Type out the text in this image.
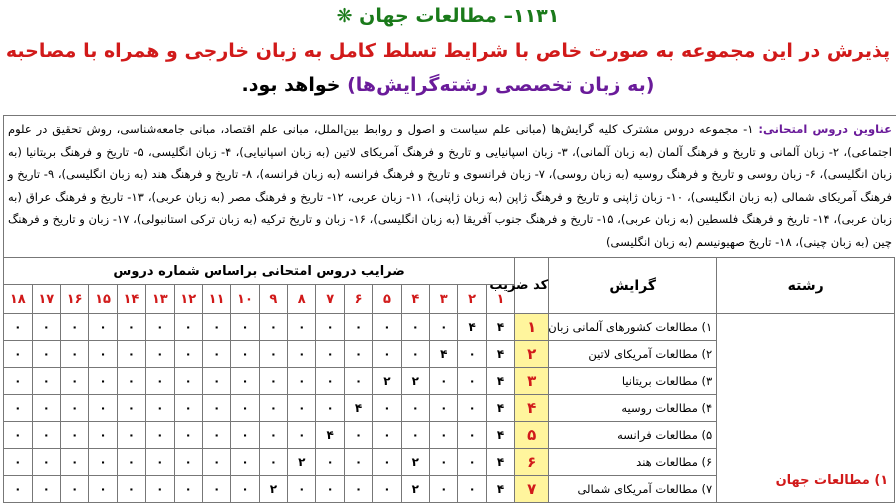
۱۱۳۱– مطالعات جهان ❋
پذیرش در این مجموعه به صورت خاص با شرایط تسلط کامل به زبان خارجی و همراه با مصاحبه (به زبان تخصصی رشته‌گرایش‌ها) خواهد بود.
عناوین دروس امتحانی: ۱- مجموعه دروس مشترک کلیه گرایش‌ها (مبانی علم سیاست و اصول و روابط بین‌الملل، مبانی علم اقتصاد، مبانی جامعه‌شناسی، روش تحقیق در علوم اجتماعی)، ۲- زبان آلمانی و تاریخ و فرهنگ آلمان (به زبان آلمانی)، ۳- زبان اسپانیایی و تاریخ و فرهنگ آمریکای لاتین (به زبان اسپانیایی)، ۴- زبان انگلیسی، ۵- تاریخ و فرهنگ بریتانیا (به زبان انگلیسی)، ۶- زبان روسی و تاریخ و فرهنگ روسیه (به زبان روسی)، ۷- زبان فرانسوی و تاریخ و فرهنگ فرانسه (به زبان فرانسه)، ۸- تاریخ و فرهنگ هند (به زبان انگلیسی)، ۹- تاریخ و فرهنگ آمریکای شمالی (به زبان انگلیسی)، ۱۰- زبان ژاپنی و تاریخ و فرهنگ ژاپن (به زبان ژاپنی)، ۱۱- زبان عربی، ۱۲- تاریخ و فرهنگ مصر (به زبان عربی)، ۱۳- تاریخ و فرهنگ عراق (به زبان عربی)، ۱۴- تاریخ و فرهنگ فلسطین (به زبان عربی)، ۱۵- تاریخ و فرهنگ جنوب آفریقا (به زبان انگلیسی)، ۱۶- زبان و تاریخ ترکیه (به زبان ترکی استانبولی)، ۱۷- زبان و تاریخ و فرهنگ چین (به زبان چینی)، ۱۸- تاریخ صهیونیسم (به زبان انگلیسی)
رشته	گرایش	کد ضریب	ضرایب دروس امتحانی براساس شماره دروس																	
			۱	۲	۳	۴	۵	۶	۷	۸	۹	۱۰	۱۱	۱۲	۱۳	۱۴	۱۵	۱۶	۱۷	۱۸
۱) مطالعات جهان	۱) مطالعات کشورهای آلمانی زبان	۱	۴	۴	۰	۰	۰	۰	۰	۰	۰	۰	۰	۰	۰	۰	۰	۰	۰	۰
	۲) مطالعات آمریکای لاتین	۲	۴	۰	۴	۰	۰	۰	۰	۰	۰	۰	۰	۰	۰	۰	۰	۰	۰	۰
	۳) مطالعات بریتانیا	۳	۴	۰	۰	۲	۲	۰	۰	۰	۰	۰	۰	۰	۰	۰	۰	۰	۰	۰
	۴) مطالعات روسیه	۴	۴	۰	۰	۰	۰	۴	۰	۰	۰	۰	۰	۰	۰	۰	۰	۰	۰	۰
	۵) مطالعات فرانسه	۵	۴	۰	۰	۰	۰	۰	۴	۰	۰	۰	۰	۰	۰	۰	۰	۰	۰	۰
	۶) مطالعات هند	۶	۴	۰	۰	۲	۰	۰	۰	۲	۰	۰	۰	۰	۰	۰	۰	۰	۰	۰
	۷) مطالعات آمریکای شمالی	۷	۴	۰	۰	۲	۰	۰	۰	۰	۲	۰	۰	۰	۰	۰	۰	۰	۰	۰
